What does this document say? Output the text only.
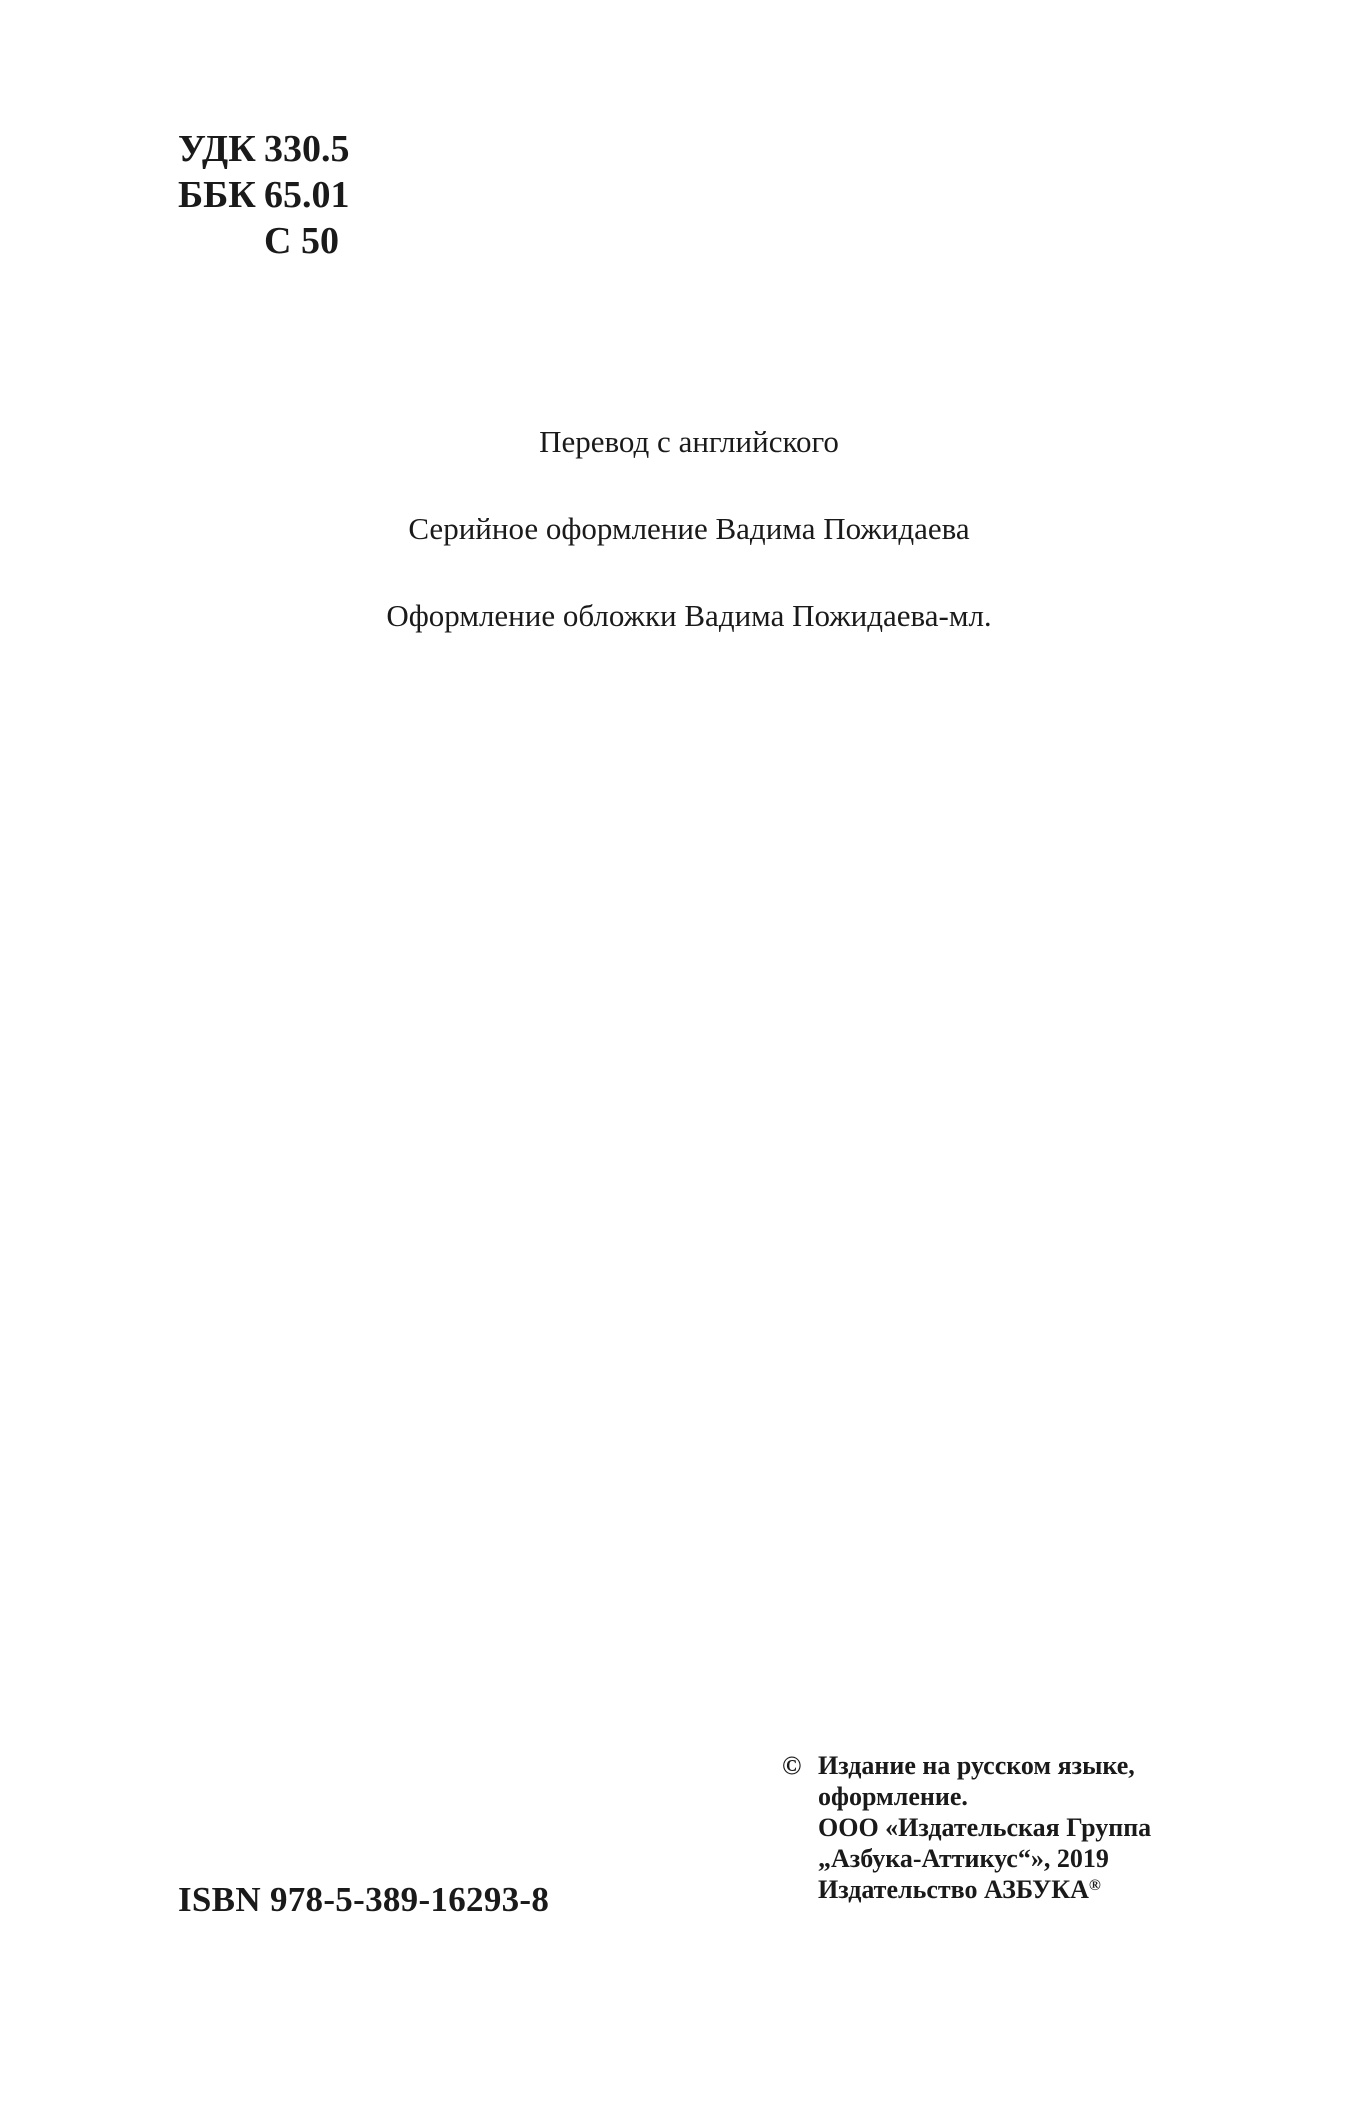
УДК 330.5
ББК 65.01
С 50
Перевод с английского
Серийное оформление Вадима Пожидаева
Оформление обложки Вадима Пожидаева-мл.
© Издание на русском языке,
оформление.
ООО «Издательская Группа
„Азбука-Аттикус“», 2019
Издательство АЗБУКА®
ISBN 978-5-389-16293-8
